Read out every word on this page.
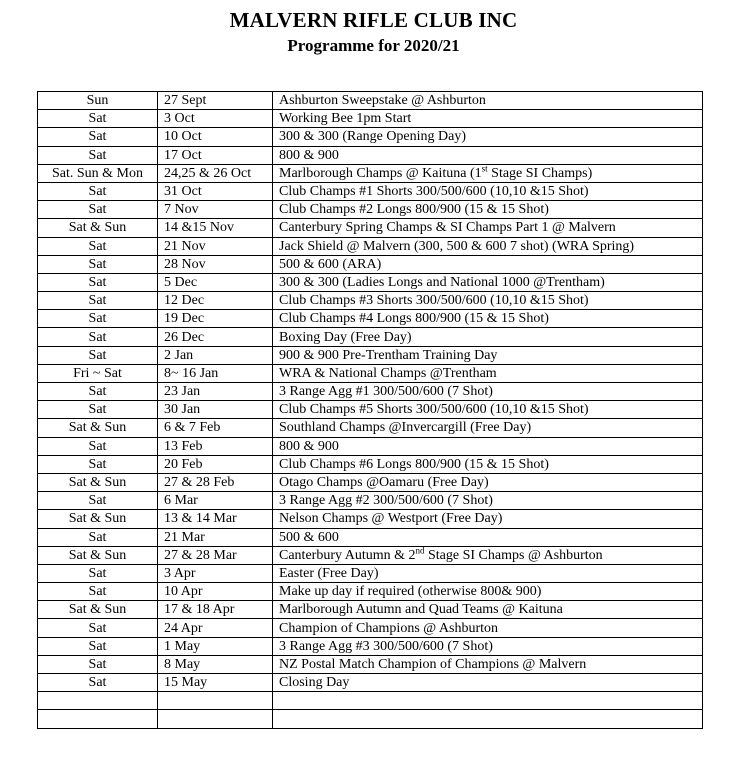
MALVERN RIFLE CLUB INC
Programme for 2020/21
Sun	27 Sept	Ashburton Sweepstake @ Ashburton
Sat	3 Oct	Working Bee 1pm Start
Sat	10 Oct	300 & 300 (Range Opening Day)
Sat	17 Oct	800 & 900
Sat. Sun & Mon	24,25 & 26 Oct	Marlborough Champs @ Kaituna (1st Stage SI Champs)
Sat	31 Oct	Club Champs #1 Shorts 300/500/600 (10,10 &15 Shot)
Sat	7 Nov	Club Champs #2 Longs 800/900 (15 & 15 Shot)
Sat & Sun	14 &15 Nov	Canterbury Spring Champs & SI Champs Part 1 @ Malvern
Sat	21 Nov	Jack Shield @ Malvern (300, 500 & 600 7 shot) (WRA Spring)
Sat	28 Nov	500 & 600 (ARA)
Sat	5 Dec	300 & 300 (Ladies Longs and National 1000 @Trentham)
Sat	12 Dec	Club Champs #3 Shorts 300/500/600 (10,10 &15 Shot)
Sat	19 Dec	Club Champs #4 Longs 800/900 (15 & 15 Shot)
Sat	26 Dec	Boxing Day (Free Day)
Sat	2 Jan	900 & 900 Pre-Trentham Training Day
Fri ~ Sat	8~ 16 Jan	WRA & National Champs @Trentham
Sat	23 Jan	3 Range Agg #1 300/500/600 (7 Shot)
Sat	30 Jan	Club Champs #5 Shorts 300/500/600 (10,10 &15 Shot)
Sat & Sun	6 & 7 Feb	Southland Champs @Invercargill (Free Day)
Sat	13 Feb	800 & 900
Sat	20 Feb	Club Champs #6 Longs 800/900 (15 & 15 Shot)
Sat & Sun	27 & 28 Feb	Otago Champs @Oamaru (Free Day)
Sat	6 Mar	3 Range Agg #2 300/500/600 (7 Shot)
Sat & Sun	13 & 14 Mar	Nelson Champs @ Westport (Free Day)
Sat	21 Mar	500 & 600
Sat & Sun	27 & 28 Mar	Canterbury Autumn & 2nd Stage SI Champs @ Ashburton
Sat	3 Apr	Easter (Free Day)
Sat	10 Apr	Make up day if required (otherwise 800& 900)
Sat & Sun	17 & 18 Apr	Marlborough Autumn and Quad Teams @ Kaituna
Sat	24 Apr	Champion of Champions @ Ashburton
Sat	1 May	3 Range Agg #3 300/500/600 (7 Shot)
Sat	8 May	NZ Postal Match Champion of Champions @ Malvern
Sat	15 May	Closing Day
